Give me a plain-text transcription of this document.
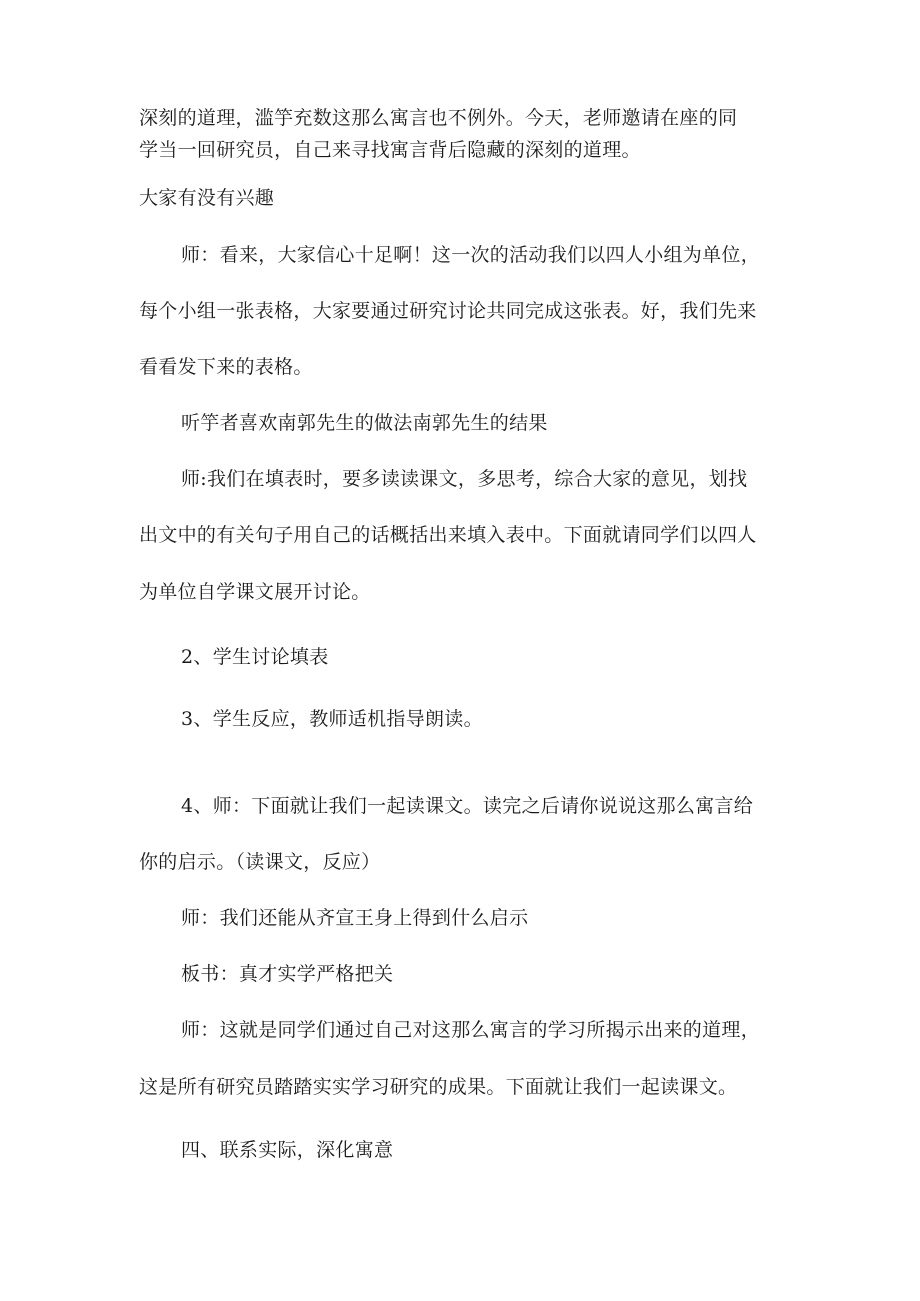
深刻的道理，滥竽充数这那么寓言也不例外。今天，老师邀请在座的同
学当一回研究员，自己来寻找寓言背后隐藏的深刻的道理。
大家有没有兴趣
师：看来，大家信心十足啊！这一次的活动我们以四人小组为单位，
每个小组一张表格，大家要通过研究讨论共同完成这张表。好，我们先来
看看发下来的表格。
听竽者喜欢南郭先生的做法南郭先生的结果
师:我们在填表时，要多读读课文，多思考，综合大家的意见，划找
出文中的有关句子用自己的话概括出来填入表中。下面就请同学们以四人
为单位自学课文展开讨论。
2、学生讨论填表
3、学生反应，教师适机指导朗读。
4、师：下面就让我们一起读课文。读完之后请你说说这那么寓言给
你的启示。（读课文，反应）
师：我们还能从齐宣王身上得到什么启示
板书：真才实学严格把关
师：这就是同学们通过自己对这那么寓言的学习所揭示出来的道理，
这是所有研究员踏踏实实学习研究的成果。下面就让我们一起读课文。
四、联系实际，深化寓意
